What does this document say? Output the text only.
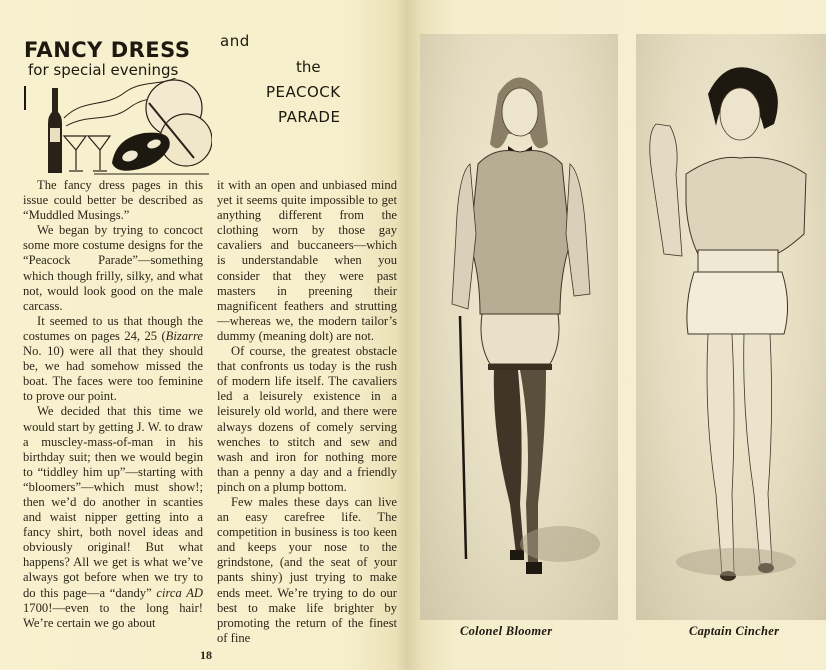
FANCY DRESS
for special evenings
and
the
PEACOCK
PARADE

The fancy dress pages in this issue could better be described as “Muddled Musings.”

We began by trying to concoct some more costume designs for the “Peacock Parade”—something which though frilly, silky, and what not, would look good on the male carcass.

It seemed to us that though the costumes on pages 24, 25 (Bizarre No. 10) were all that they should be, we had somehow missed the boat. The faces were too feminine to prove our point.

We decided that this time we would start by getting J. W. to draw a muscley-mass-of-man in his birthday suit; then we would begin to “tiddley him up”—starting with “bloomers”—which must show!; then we’d do another in scanties and waist nipper getting into a fancy shirt, both novel ideas and obviously original! But what happens? All we get is what we’ve always got before when we try to do this page—a “dandy” circa AD 1700!—even to the long hair! We’re certain we go about

it with an open and unbiased mind yet it seems quite impossible to get anything different from the clothing worn by those gay cavaliers and buccaneers—which is understandable when you consider that they were past masters in preening their magnificent feathers and strutting—whereas we, the modern tailor’s dummy (meaning dolt) are not.

Of course, the greatest obstacle that confronts us today is the rush of modern life itself. The cavaliers led a leisurely existence in a leisurely old world, and there were always dozens of comely serving wenches to stitch and sew and wash and iron for nothing more than a penny a day and a friendly pinch on a plump bottom.

Few males these days can live an easy carefree life. The competition in business is too keen and keeps your nose to the grindstone, (and the seat of your pants shiny) just trying to make ends meet. We’re trying to do our best to make life brighter by promoting the return of the finest of fine

18
Colonel Bloomer	Captain Cincher
